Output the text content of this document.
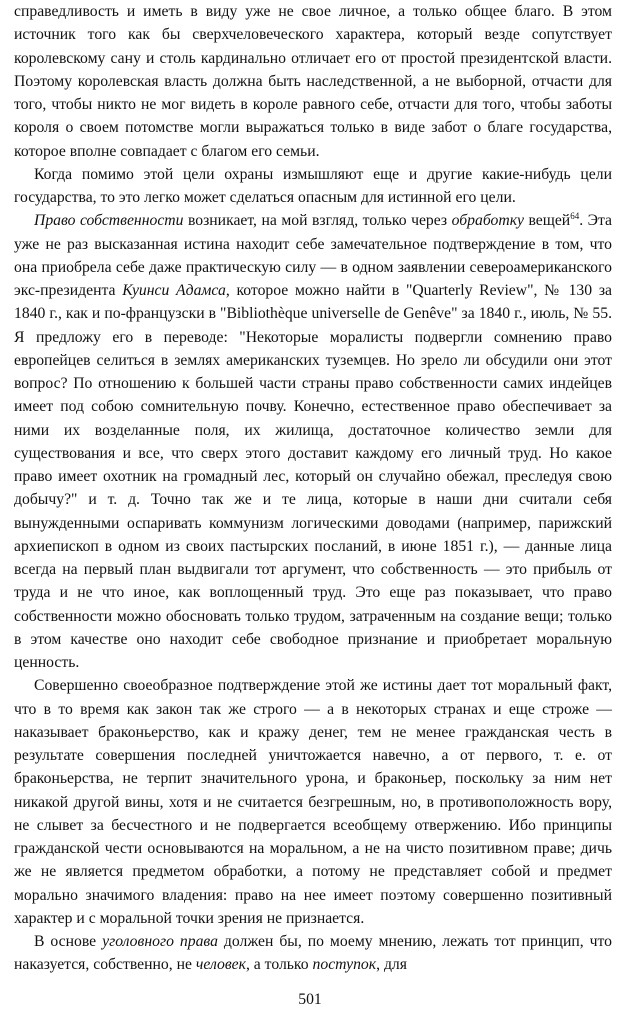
справедливость и иметь в виду уже не свое личное, а только общее благо. В этом источник того как бы сверхчеловеческого характера, который везде сопутствует королевскому сану и столь кардинально отличает его от простой президентской власти. Поэтому королевская власть должна быть наследственной, а не выборной, отчасти для того, чтобы никто не мог видеть в короле равного себе, отчасти для того, чтобы заботы короля о своем потомстве могли выражаться только в виде забот о благе государства, которое вполне совпадает с благом его семьи.

Когда помимо этой цели охраны измышляют еще и другие какие-нибудь цели государства, то это легко может сделаться опасным для истинной его цели.

Право собственности возникает, на мой взгляд, только через обработку вещей$^{64}$. Эта уже не раз высказанная истина находит себе замечательное подтверждение в том, что она приобрела себе даже практическую силу — в одном заявлении североамериканского экс-президента Куинси Адамса, которое можно найти в "Quarterly Review", № 130 за 1840 г., как и по-французски в "Bibliothèque universelle de Genêve" за 1840 г., июль, № 55. Я предложу его в переводе: "Некоторые моралисты подвергли сомнению право европейцев селиться в землях американских туземцев. Но зрело ли обсудили они этот вопрос? По отношению к большей части страны право собственности самих индейцев имеет под собою сомнительную почву. Конечно, естественное право обеспечивает за ними их возделанные поля, их жилища, достаточное количество земли для существования и все, что сверх этого доставит каждому его личный труд. Но какое право имеет охотник на громадный лес, который он случайно обежал, преследуя свою добычу?" и т. д. Точно так же и те лица, которые в наши дни считали себя вынужденными оспаривать коммунизм логическими доводами (например, парижский архиепископ в одном из своих пастырских посланий, в июне 1851 г.), — данные лица всегда на первый план выдвигали тот аргумент, что собственность — это прибыль от труда и не что иное, как воплощенный труд. Это еще раз показывает, что право собственности можно обосновать только трудом, затраченным на создание вещи; только в этом качестве оно находит себе свободное признание и приобретает моральную ценность.

Совершенно своеобразное подтверждение этой же истины дает тот моральный факт, что в то время как закон так же строго — а в некоторых странах и еще строже — наказывает браконьерство, как и кражу денег, тем не менее гражданская честь в результате совершения последней уничтожается навечно, а от первого, т. е. от браконьерства, не терпит значительного урона, и браконьер, поскольку за ним нет никакой другой вины, хотя и не считается безгрешным, но, в противоположность вору, не слывет за бесчестного и не подвергается всеобщему отвержению. Ибо принципы гражданской чести основываются на моральном, а не на чисто позитивном праве; дичь же не является предметом обработки, а потому не представляет собой и предмет морально значимого владения: право на нее имеет поэтому совершенно позитивный характер и с моральной точки зрения не признается.

В основе уголовного права должен бы, по моему мнению, лежать тот принцип, что наказуется, собственно, не человек, а только поступок, для

501
